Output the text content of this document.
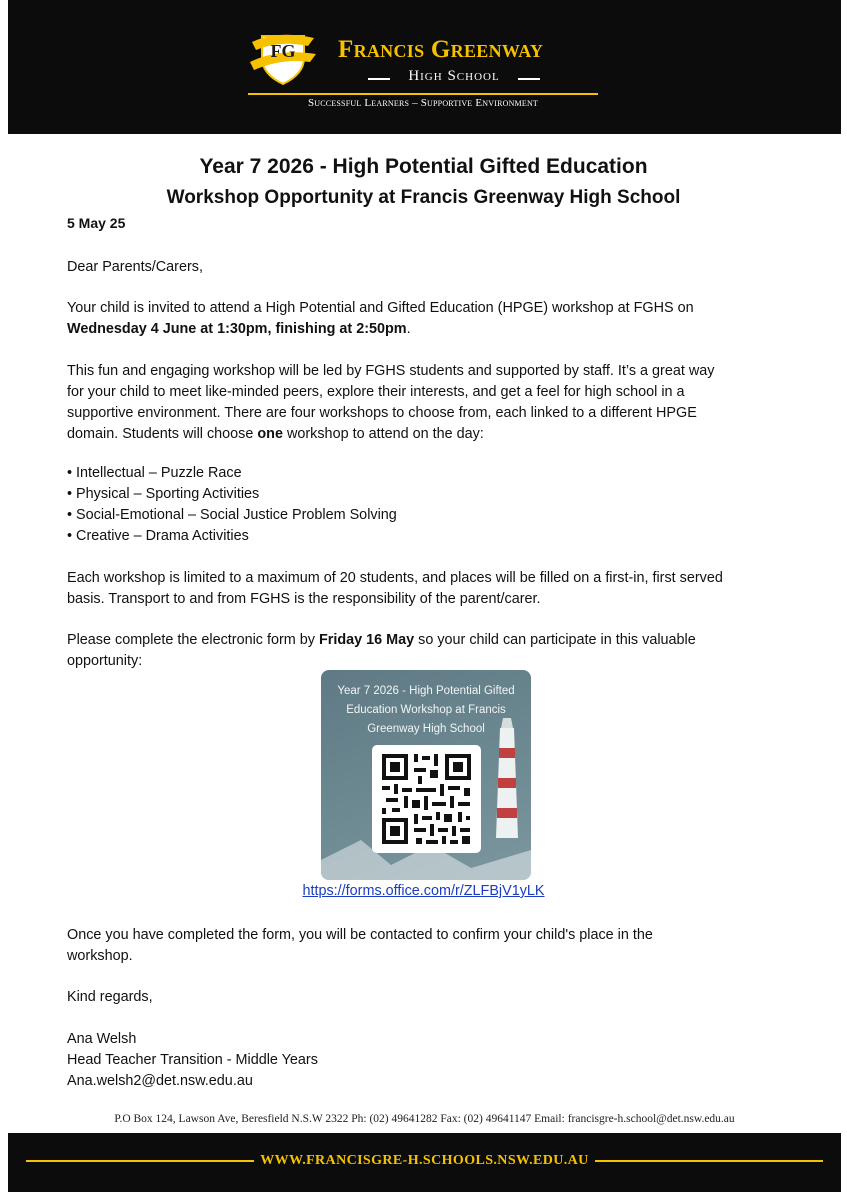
FG Francis Greenway
High School
Successful Learners – Supportive Environment
Year 7 2026 - High Potential Gifted Education
Workshop Opportunity at Francis Greenway High School
5 May 25
Dear Parents/Carers,
Your child is invited to attend a High Potential and Gifted Education (HPGE) workshop at FGHS on
Wednesday 4 June at 1:30pm, finishing at 2:50pm.
This fun and engaging workshop will be led by FGHS students and supported by staff. It’s a great way
for your child to meet like-minded peers, explore their interests, and get a feel for high school in a
supportive environment. There are four workshops to choose from, each linked to a different HPGE
domain. Students will choose one workshop to attend on the day:
• Intellectual – Puzzle Race
• Physical – Sporting Activities
• Social-Emotional – Social Justice Problem Solving
• Creative – Drama Activities
Each workshop is limited to a maximum of 20 students, and places will be filled on a first-in, first served
basis. Transport to and from FGHS is the responsibility of the parent/carer.
Please complete the electronic form by Friday 16 May so your child can participate in this valuable
opportunity:
Year 7 2026 - High Potential Gifted Education Workshop at Francis Greenway High School
https://forms.office.com/r/ZLFBjV1yLK
Once you have completed the form, you will be contacted to confirm your child's place in the
workshop.
Kind regards,
Ana Welsh
Head Teacher Transition - Middle Years
Ana.welsh2@det.nsw.edu.au
P.O Box 124, Lawson Ave, Beresfield N.S.W 2322 Ph: (02) 49641282 Fax: (02) 49641147 Email: francisgre-h.school@det.nsw.edu.au
WWW.FRANCISGRE-H.SCHOOLS.NSW.EDU.AU
